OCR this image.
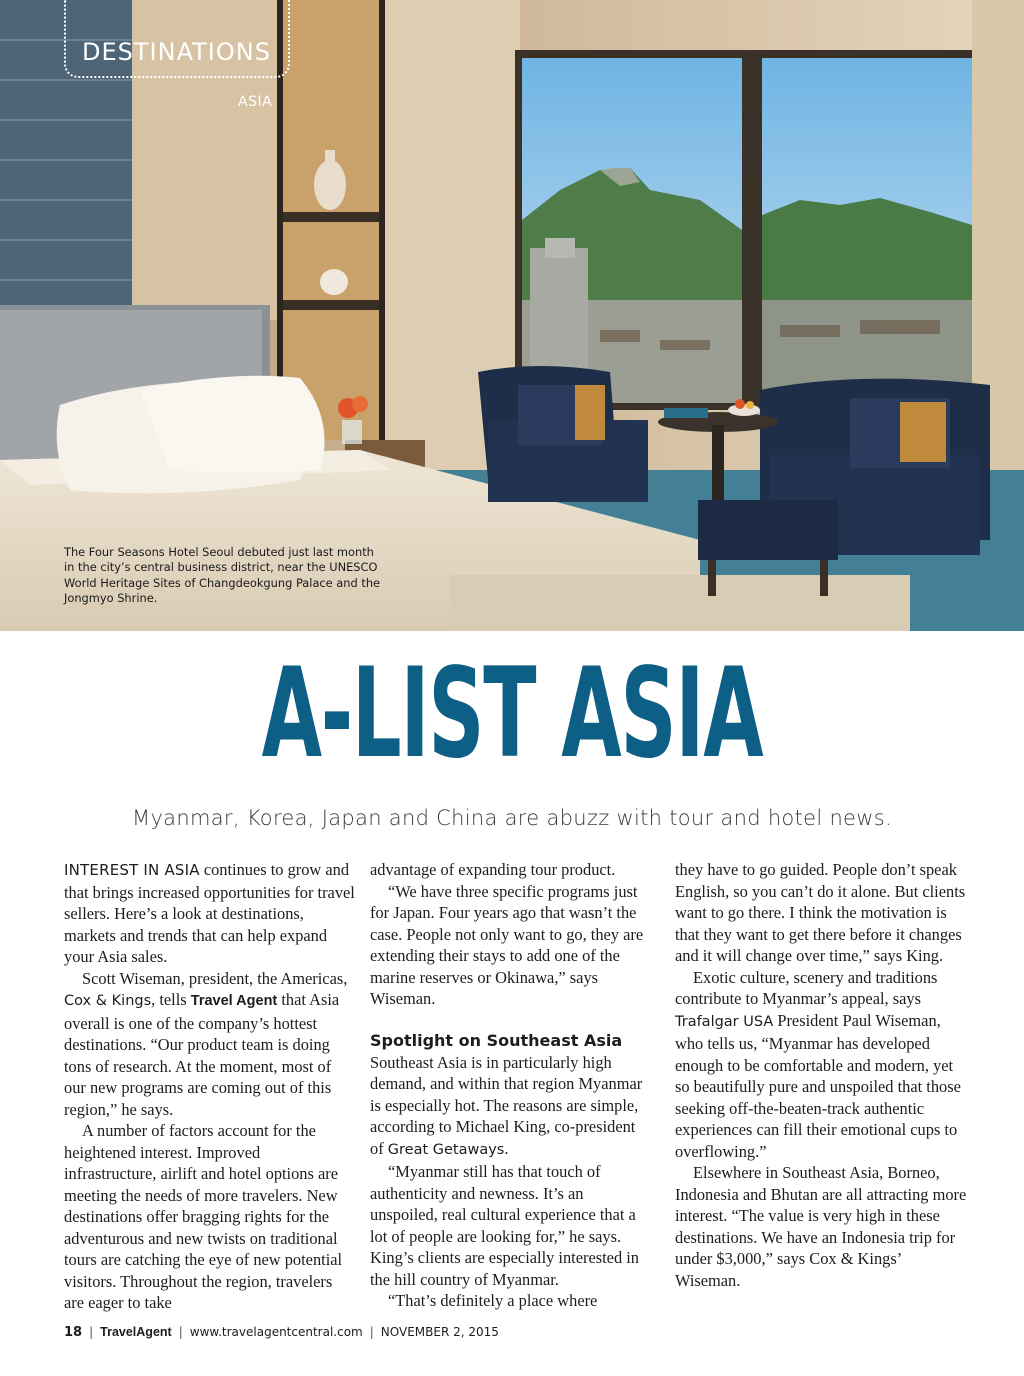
DESTINATIONS
ASIA
The Four Seasons Hotel Seoul debuted just last month in the city’s central business district, near the UNESCO World Heritage Sites of Changdeokgung Palace and the Jongmyo Shrine.
A-LIST ASIA
Myanmar, Korea, Japan and China are abuzz with tour and hotel news.

INTEREST IN ASIA continues to grow and that brings increased opportunities for travel sellers. Here’s a look at destinations, markets and trends that can help expand your Asia sales.

Scott Wiseman, president, the Americas, Cox & Kings, tells Travel Agent that Asia overall is one of the company’s hottest destinations. “Our product team is doing tons of research. At the moment, most of our new programs are coming out of this region,” he says.

A number of factors account for the heightened interest. Improved infrastructure, airlift and hotel options are meeting the needs of more travelers. New destinations offer bragging rights for the adventurous and new twists on traditional tours are catching the eye of new potential visitors. Throughout the region, travelers are eager to take

advantage of expanding tour product.

“We have three specific programs just for Japan. Four years ago that wasn’t the case. People not only want to go, they are extending their stays to add one of the marine reserves or Okinawa,” says Wiseman.

Spotlight on Southeast Asia

Southeast Asia is in particularly high demand, and within that region Myanmar is especially hot. The reasons are simple, according to Michael King, co-president of Great Getaways.

“Myanmar still has that touch of authenticity and newness. It’s an unspoiled, real cultural experience that a lot of people are looking for,” he says. King’s clients are especially interested in the hill country of Myanmar.

“That’s definitely a place where

they have to go guided. People don’t speak English, so you can’t do it alone. But clients want to go there. I think the motivation is that they want to get there before it changes and it will change over time,” says King.

Exotic culture, scenery and traditions contribute to Myanmar’s appeal, says Trafalgar USA President Paul Wiseman, who tells us, “Myanmar has developed enough to be comfortable and modern, yet so beautifully pure and unspoiled that those seeking off-the-beaten-track authentic experiences can fill their emotional cups to overflowing.”

Elsewhere in Southeast Asia, Borneo, Indonesia and Bhutan are all attracting more interest. “The value is very high in these destinations. We have an Indonesia trip for under $3,000,” says Cox & Kings’ Wiseman.

18 | TravelAgent | www.travelagentcentral.com | NOVEMBER 2, 2015
